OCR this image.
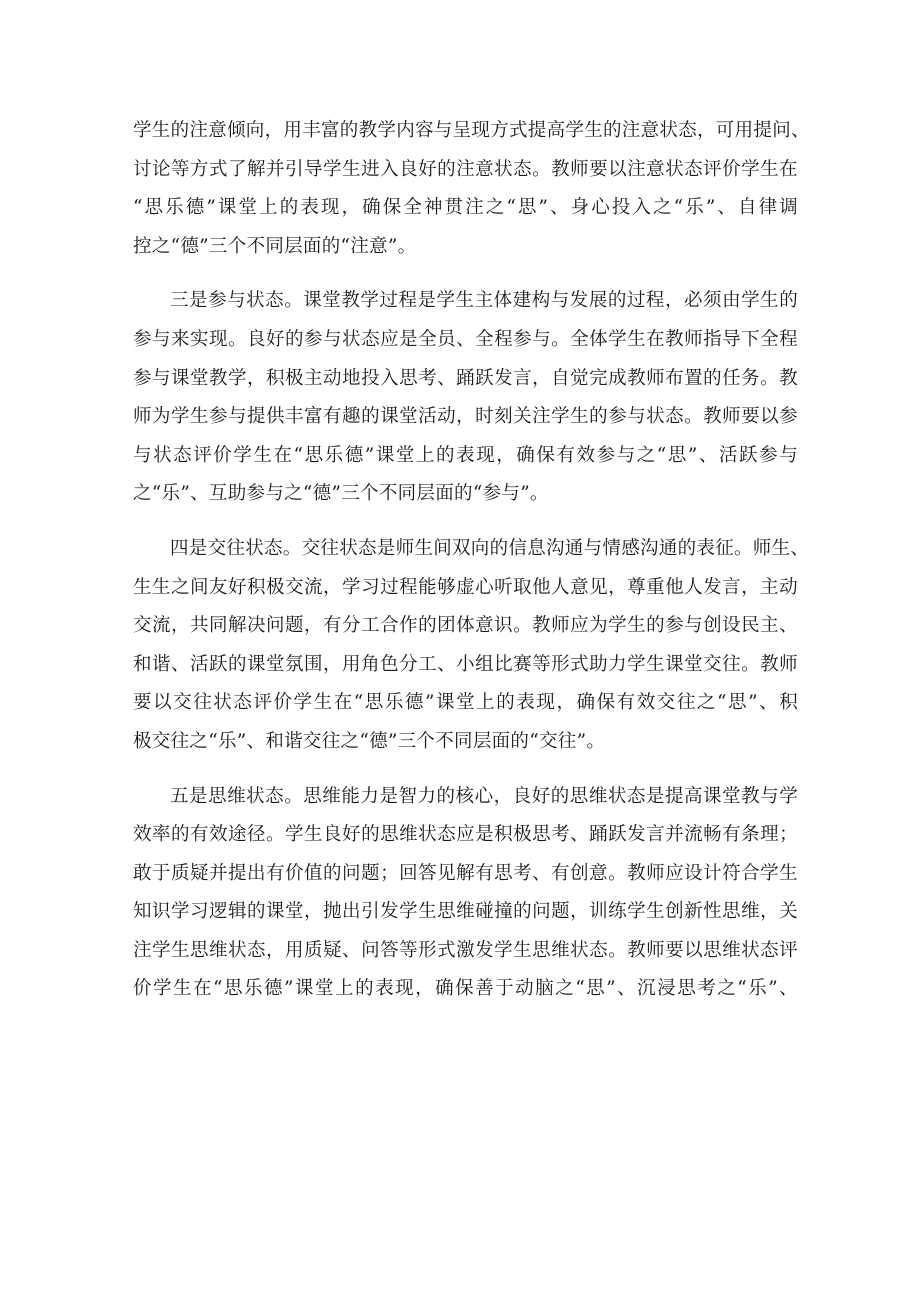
学生的注意倾向，用丰富的教学内容与呈现方式提高学生的注意状态，可用提问、
讨论等方式了解并引导学生进入良好的注意状态。教师要以注意状态评价学生在
“思乐德”课堂上的表现，确保全神贯注之“思”、身心投入之“乐”、自律调
控之“德”三个不同层面的“注意”。
三是参与状态。课堂教学过程是学生主体建构与发展的过程，必须由学生的
参与来实现。良好的参与状态应是全员、全程参与。全体学生在教师指导下全程
参与课堂教学，积极主动地投入思考、踊跃发言，自觉完成教师布置的任务。教
师为学生参与提供丰富有趣的课堂活动，时刻关注学生的参与状态。教师要以参
与状态评价学生在“思乐德”课堂上的表现，确保有效参与之“思”、活跃参与
之“乐”、互助参与之“德”三个不同层面的“参与”。
四是交往状态。交往状态是师生间双向的信息沟通与情感沟通的表征。师生、
生生之间友好积极交流，学习过程能够虚心听取他人意见，尊重他人发言，主动
交流，共同解决问题，有分工合作的团体意识。教师应为学生的参与创设民主、
和谐、活跃的课堂氛围，用角色分工、小组比赛等形式助力学生课堂交往。教师
要以交往状态评价学生在“思乐德”课堂上的表现，确保有效交往之“思”、积
极交往之“乐”、和谐交往之“德”三个不同层面的“交往”。
五是思维状态。思维能力是智力的核心，良好的思维状态是提高课堂教与学
效率的有效途径。学生良好的思维状态应是积极思考、踊跃发言并流畅有条理；
敢于质疑并提出有价值的问题；回答见解有思考、有创意。教师应设计符合学生
知识学习逻辑的课堂，抛出引发学生思维碰撞的问题，训练学生创新性思维，关
注学生思维状态，用质疑、问答等形式激发学生思维状态。教师要以思维状态评
价学生在“思乐德”课堂上的表现，确保善于动脑之“思”、沉浸思考之“乐”、
